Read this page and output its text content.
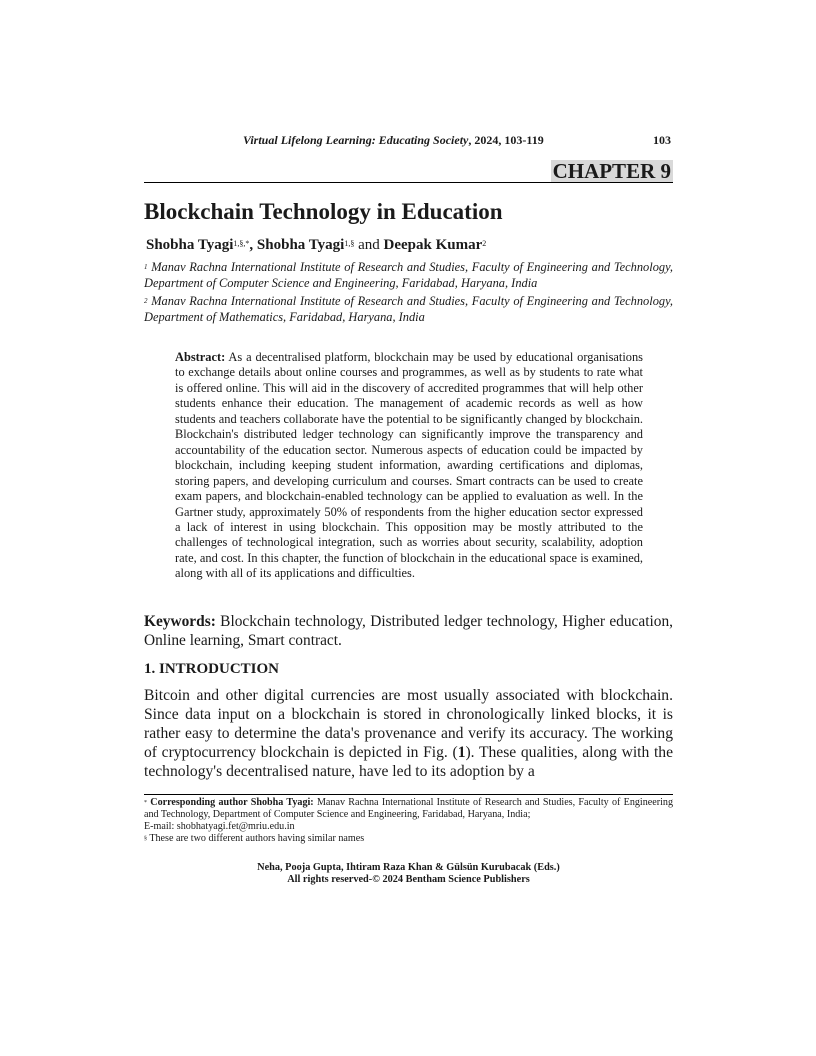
Virtual Lifelong Learning: Educating Society, 2024, 103-119	103
CHAPTER 9
Blockchain Technology in Education
Shobha Tyagi$^{1,\S,*}$, Shobha Tyagi$^{1,\S}$ and Deepak Kumar$^2$
$^1$ Manav Rachna International Institute of Research and Studies, Faculty of Engineering and Technology, Department of Computer Science and Engineering, Faridabad, Haryana, India
$^2$ Manav Rachna International Institute of Research and Studies, Faculty of Engineering and Technology, Department of Mathematics, Faridabad, Haryana, India
Abstract: As a decentralised platform, blockchain may be used by educational organisations to exchange details about online courses and programmes, as well as by students to rate what is offered online. This will aid in the discovery of accredited programmes that will help other students enhance their education. The management of academic records as well as how students and teachers collaborate have the potential to be significantly changed by blockchain. Blockchain's distributed ledger technology can significantly improve the transparency and accountability of the education sector. Numerous aspects of education could be impacted by blockchain, including keeping student information, awarding certifications and diplomas, storing papers, and developing curriculum and courses. Smart contracts can be used to create exam papers, and blockchain-enabled technology can be applied to evaluation as well. In the Gartner study, approximately 50% of respondents from the higher education sector expressed a lack of interest in using blockchain. This opposition may be mostly attributed to the challenges of technological integration, such as worries about security, scalability, adoption rate, and cost. In this chapter, the function of blockchain in the educational space is examined, along with all of its applications and difficulties.
Keywords: Blockchain technology, Distributed ledger technology, Higher education, Online learning, Smart contract.
1. INTRODUCTION
Bitcoin and other digital currencies are most usually associated with blockchain. Since data input on a blockchain is stored in chronologically linked blocks, it is rather easy to determine the data's provenance and verify its accuracy. The working of cryptocurrency blockchain is depicted in Fig. (1). These qualities, along with the technology's decentralised nature, have led to its adoption by a
* Corresponding author Shobha Tyagi: Manav Rachna International Institute of Research and Studies, Faculty of Engineering and Technology, Department of Computer Science and Engineering, Faridabad, Haryana, India;
E-mail: shobhatyagi.fet@mriu.edu.in
§ These are two different authors having similar names
Neha, Pooja Gupta, Ihtiram Raza Khan & Gülsün Kurubacak (Eds.)
All rights reserved-© 2024 Bentham Science Publishers
